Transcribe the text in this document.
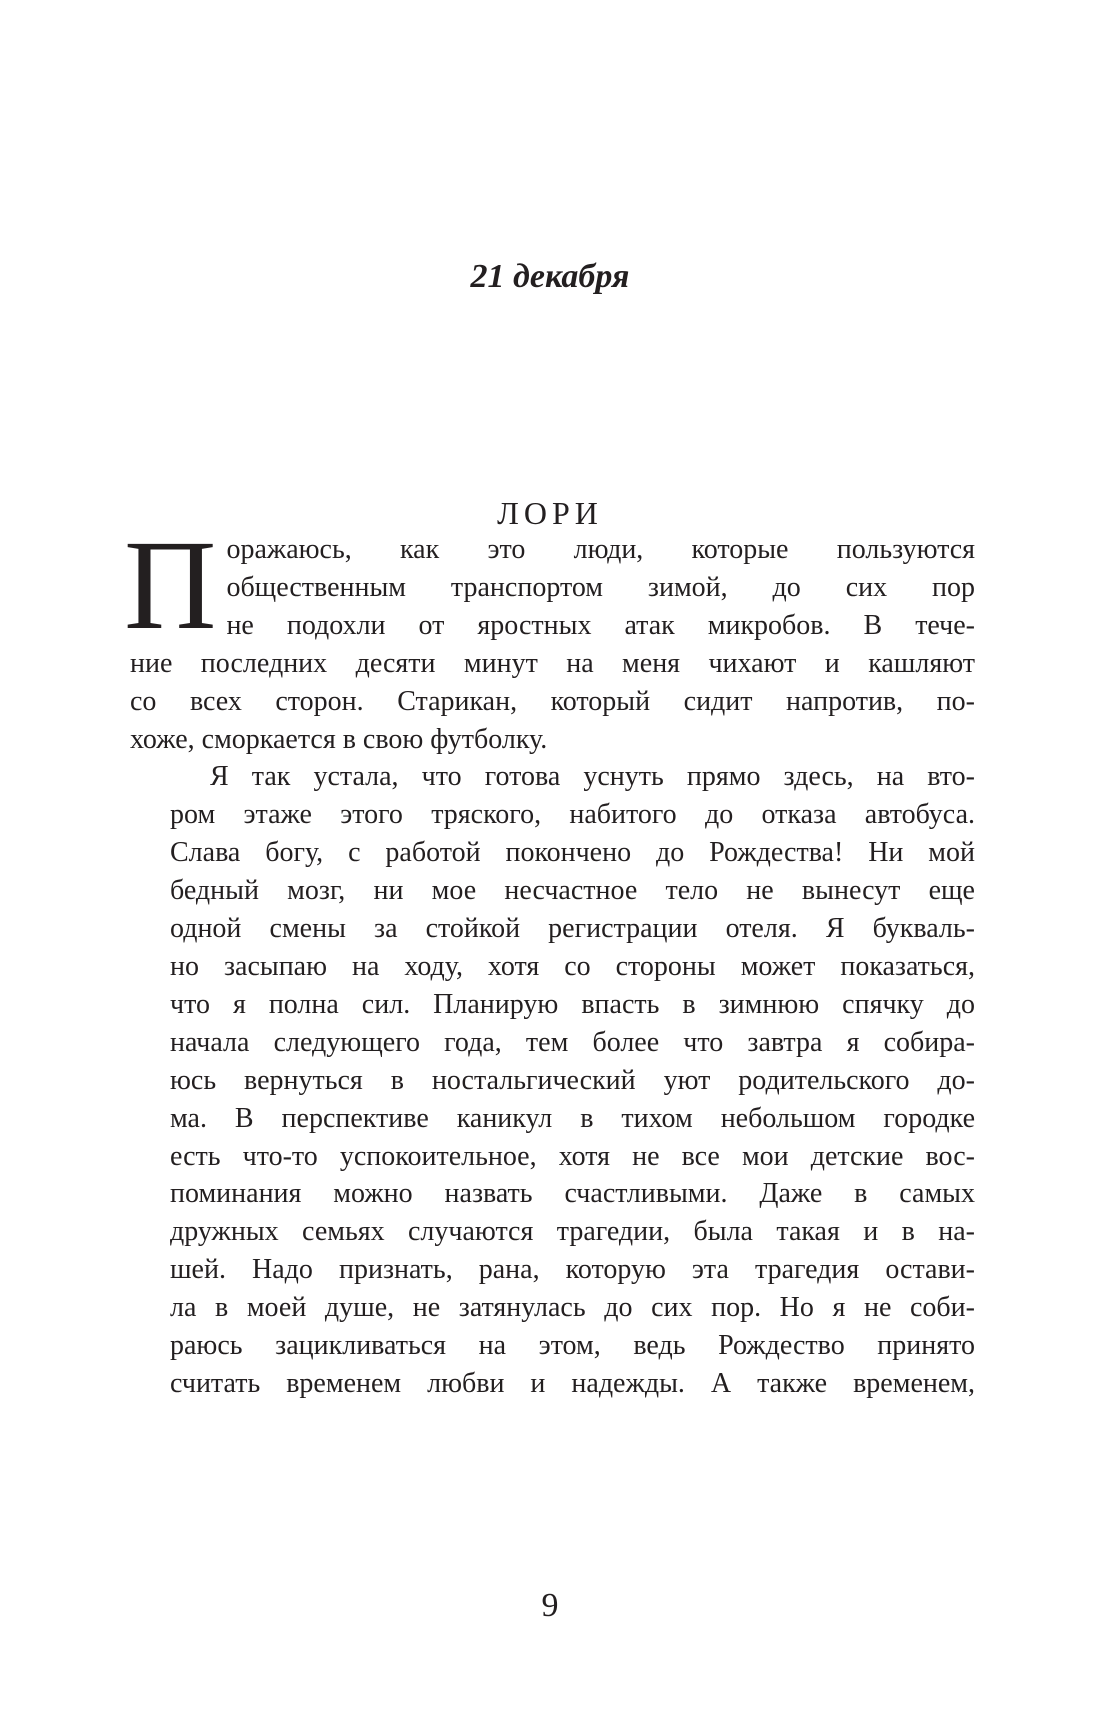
21 декабря
ЛОРИ
П оражаюсь, как это люди, которые пользуются
общественным транспортом зимой, до сих пор
не подохли от яростных атак микробов. В тече-
ние последних десяти минут на меня чихают и кашляют
со всех сторон. Старикан, который сидит напротив, по-
хоже, сморкается в свою футболку.
Я так устала, что готова уснуть прямо здесь, на вто-
ром этаже этого тряского, набитого до отказа автобуса.
Слава богу, с работой покончено до Рождества! Ни мой
бедный мозг, ни мое несчастное тело не вынесут еще
одной смены за стойкой регистрации отеля. Я букваль-
но засыпаю на ходу, хотя со стороны может показаться,
что я полна сил. Планирую впасть в зимнюю спячку до
начала следующего года, тем более что завтра я собира-
юсь вернуться в ностальгический уют родительского до-
ма. В перспективе каникул в тихом небольшом городке
есть что-то успокоительное, хотя не все мои детские вос-
поминания можно назвать счастливыми. Даже в самых
дружных семьях случаются трагедии, была такая и в на-
шей. Надо признать, рана, которую эта трагедия остави-
ла в моей душе, не затянулась до сих пор. Но я не соби-
раюсь зацикливаться на этом, ведь Рождество принято
считать временем любви и надежды. А также временем,
9
